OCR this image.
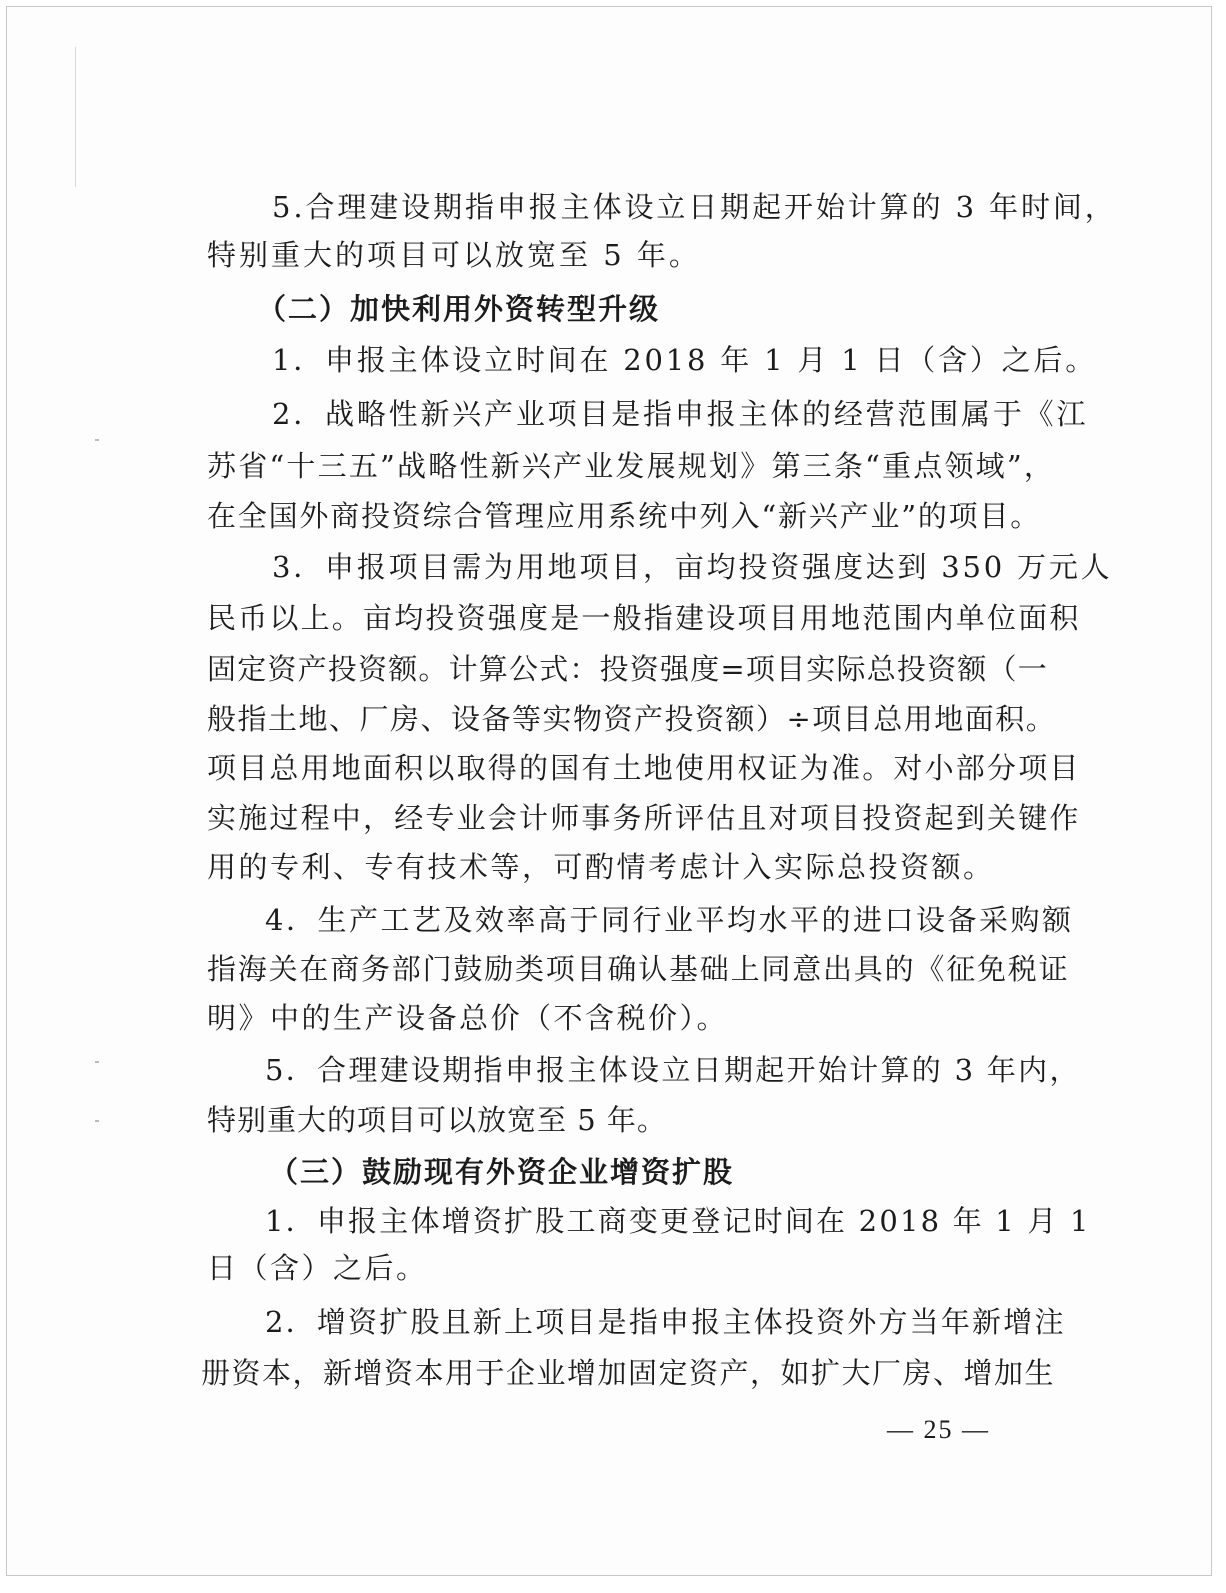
5.合理建设期指申报主体设立日期起开始计算的 3 年时间，
特别重大的项目可以放宽至 5 年。
（二）加快利用外资转型升级
1．申报主体设立时间在 2018 年 1 月 1 日（含）之后。
2．战略性新兴产业项目是指申报主体的经营范围属于《江
苏省“十三五”战略性新兴产业发展规划》第三条“重点领域”，
在全国外商投资综合管理应用系统中列入“新兴产业”的项目。
3．申报项目需为用地项目，亩均投资强度达到 350 万元人
民币以上。亩均投资强度是一般指建设项目用地范围内单位面积
固定资产投资额。计算公式：投资强度=项目实际总投资额（一
般指土地、厂房、设备等实物资产投资额）÷项目总用地面积。
项目总用地面积以取得的国有土地使用权证为准。对小部分项目
实施过程中，经专业会计师事务所评估且对项目投资起到关键作
用的专利、专有技术等，可酌情考虑计入实际总投资额。
4．生产工艺及效率高于同行业平均水平的进口设备采购额
指海关在商务部门鼓励类项目确认基础上同意出具的《征免税证
明》中的生产设备总价（不含税价）。
5．合理建设期指申报主体设立日期起开始计算的 3 年内，
特别重大的项目可以放宽至 5 年。
（三）鼓励现有外资企业增资扩股
1．申报主体增资扩股工商变更登记时间在 2018 年 1 月 1
日（含）之后。
2．增资扩股且新上项目是指申报主体投资外方当年新增注
册资本，新增资本用于企业增加固定资产，如扩大厂房、增加生
— 25 —
